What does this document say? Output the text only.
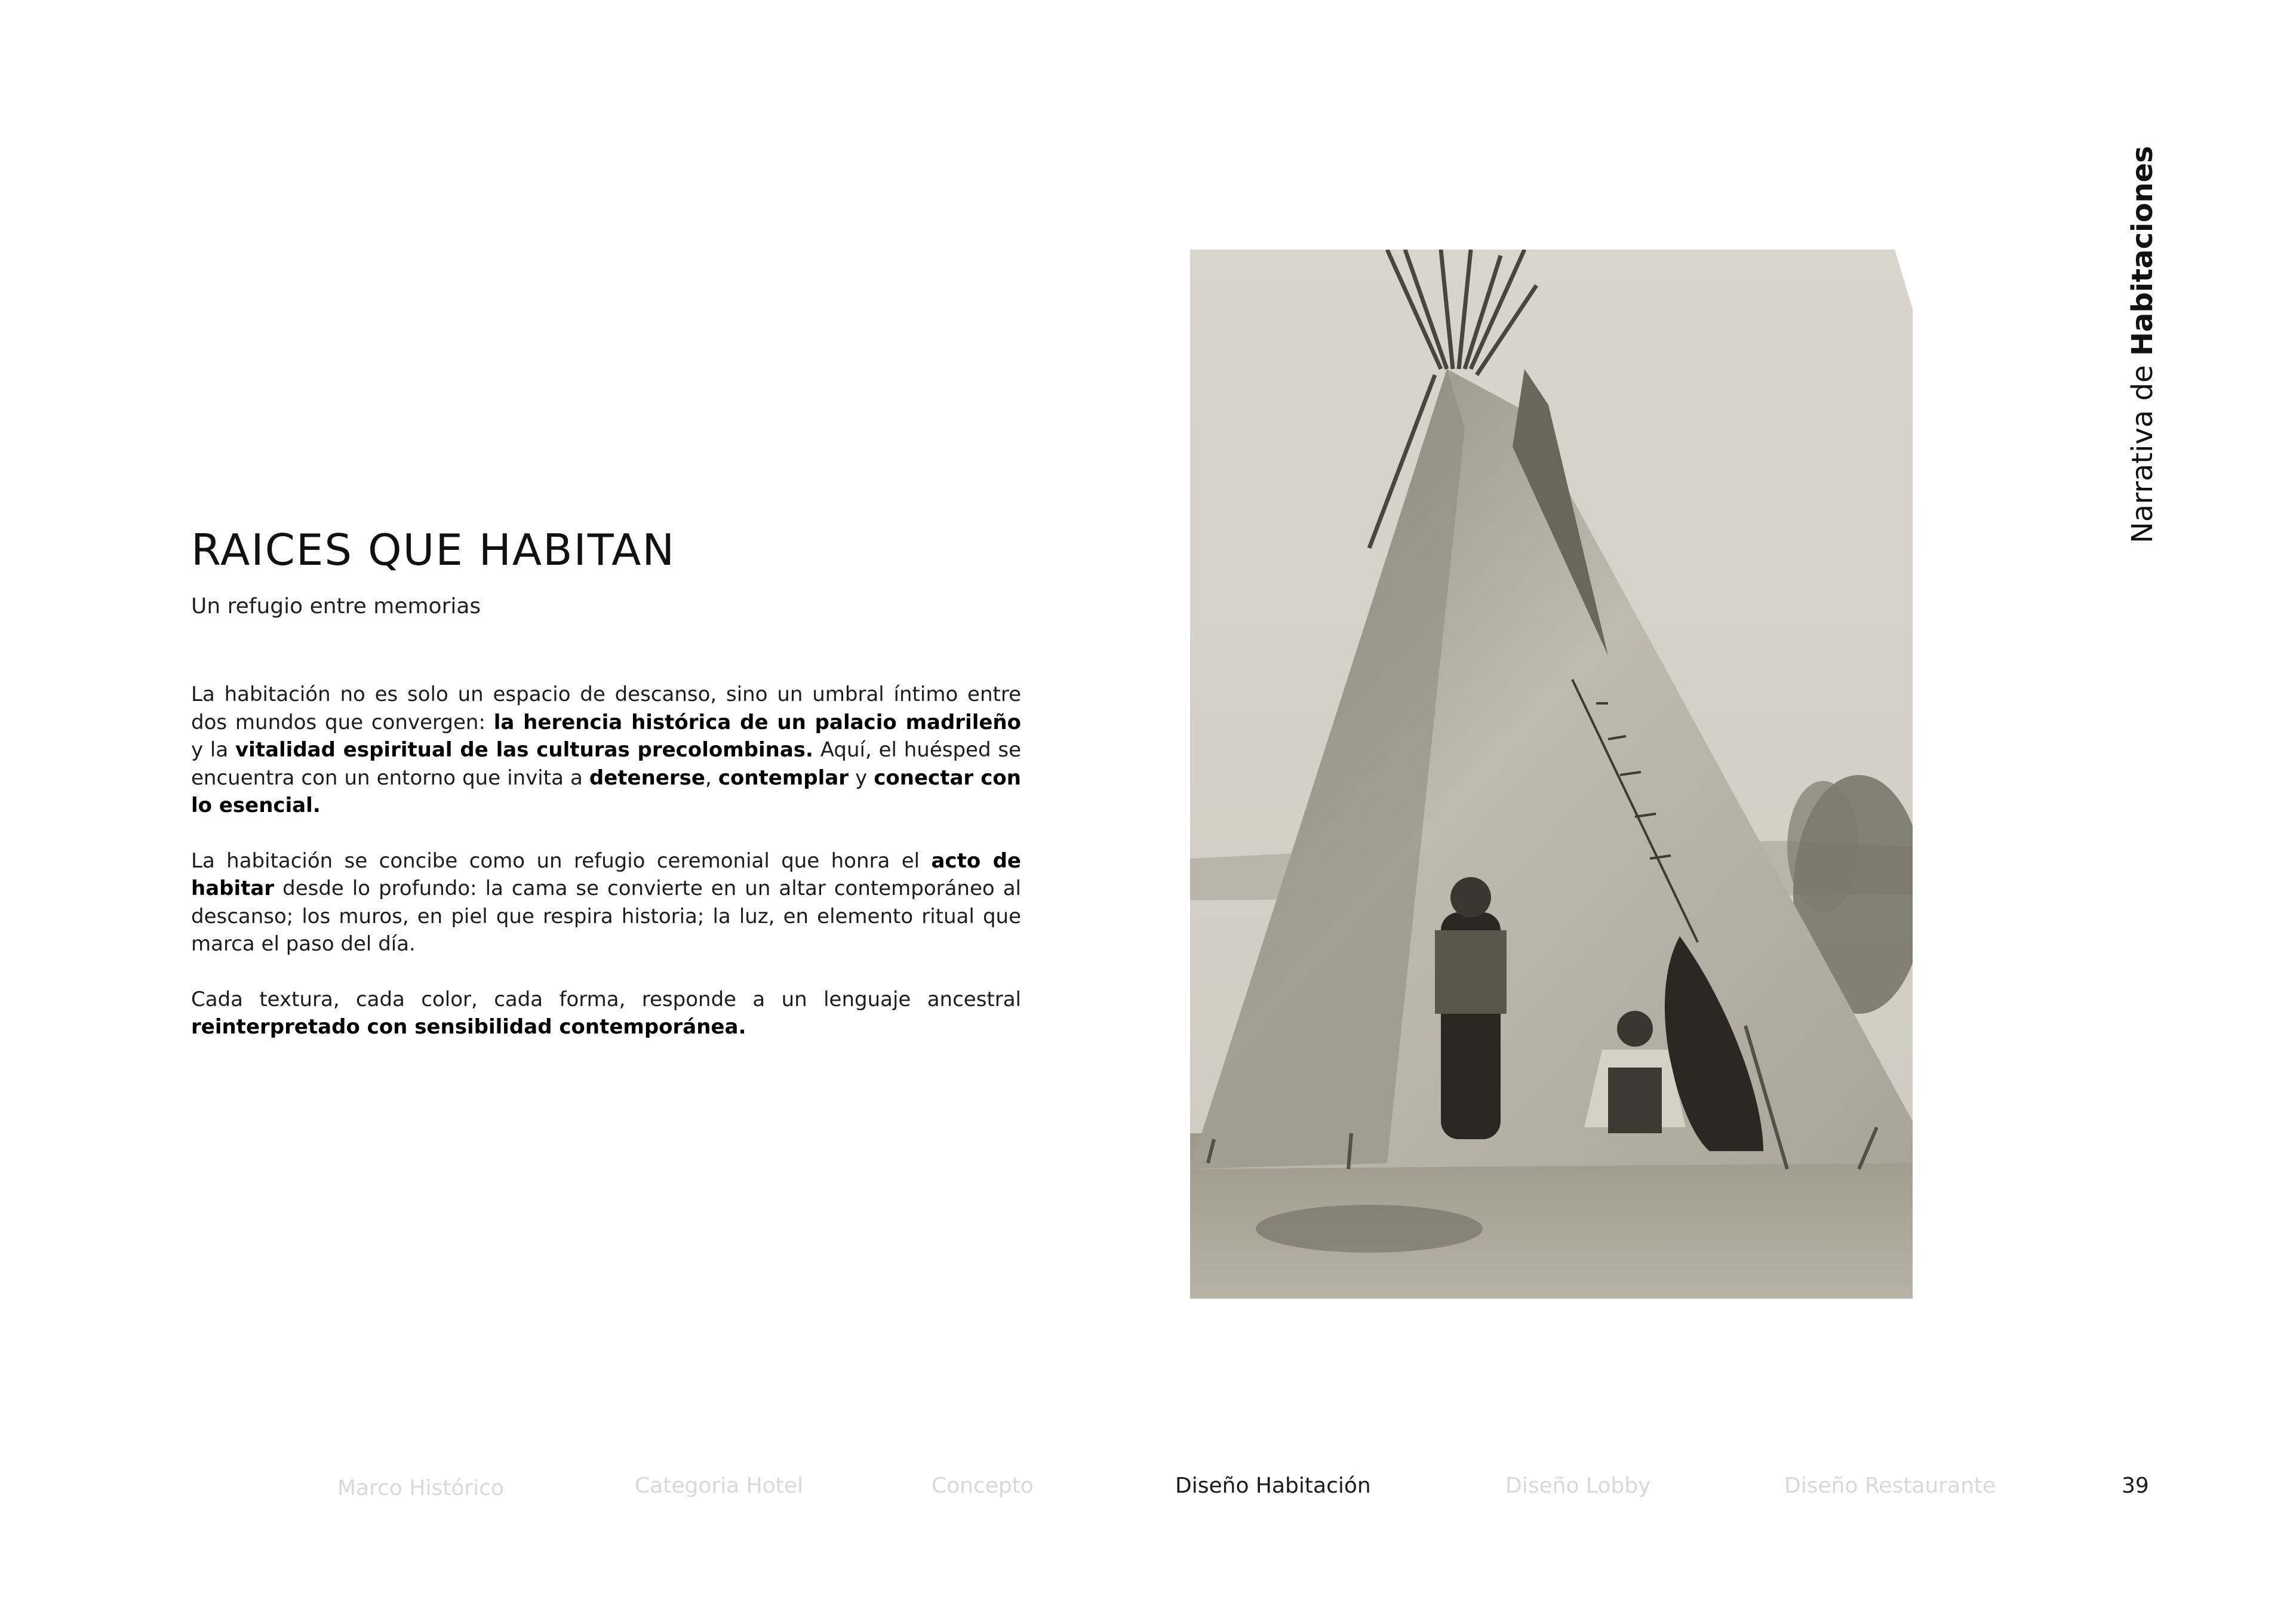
Narrativa de Habitaciones
RAICES QUE HABITAN

Un refugio entre memorias

La habitación no es solo un espacio de descanso, sino un umbral íntimo entre dos mundos que convergen: la herencia histórica de un palacio madrileño y la vitalidad espiritual de las culturas precolombinas. Aquí, el huésped se encuentra con un entorno que invita a detenerse, contemplar y conectar con lo esencial.

La habitación se concibe como un refugio ceremonial que honra el acto de habitar desde lo profundo: la cama se convierte en un altar contemporáneo al descanso; los muros, en piel que respira historia; la luz, en elemento ritual que marca el paso del día.

Cada textura, cada color, cada forma, responde a un lenguaje ancestral reinterpretado con sensibilidad contemporánea.

Marco Histórico	Categoria Hotel	Concepto	Diseño Habitación	Diseño Lobby	Diseño Restaurante	39
